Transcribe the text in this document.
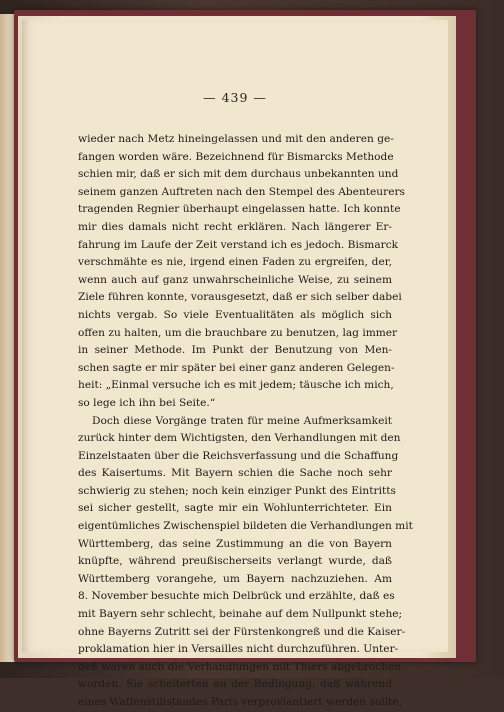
— 439 —
wieder nach Metz hineingelassen und mit den anderen ge-
fangen worden wäre. Bezeichnend für Bismarcks Methode
schien mir, daß er sich mit dem durchaus unbekannten und
seinem ganzen Auftreten nach den Stempel des Abenteurers
tragenden Regnier überhaupt eingelassen hatte. Ich konnte
mir dies damals nicht recht erklären. Nach längerer Er-
fahrung im Laufe der Zeit verstand ich es jedoch. Bismarck
verschmähte es nie, irgend einen Faden zu ergreifen, der,
wenn auch auf ganz unwahrscheinliche Weise, zu seinem
Ziele führen konnte, vorausgesetzt, daß er sich selber dabei
nichts vergab. So viele Eventualitäten als möglich sich
offen zu halten, um die brauchbare zu benutzen, lag immer
in seiner Methode. Im Punkt der Benutzung von Men-
schen sagte er mir später bei einer ganz anderen Gelegen-
heit: „Einmal versuche ich es mit jedem; täusche ich mich,
so lege ich ihn bei Seite.“
Doch diese Vorgänge traten für meine Aufmerksamkeit
zurück hinter dem Wichtigsten, den Verhandlungen mit den
Einzelstaaten über die Reichsverfassung und die Schaffung
des Kaisertums. Mit Bayern schien die Sache noch sehr
schwierig zu stehen; noch kein einziger Punkt des Eintritts
sei sicher gestellt, sagte mir ein Wohlunterrichteter. Ein
eigentümliches Zwischenspiel bildeten die Verhandlungen mit
Württemberg, das seine Zustimmung an die von Bayern
knüpfte, während preußischerseits verlangt wurde, daß
Württemberg vorangehe, um Bayern nachzuziehen. Am
8. November besuchte mich Delbrück und erzählte, daß es
mit Bayern sehr schlecht, beinahe auf dem Nullpunkt stehe;
ohne Bayerns Zutritt sei der Fürstenkongreß und die Kaiser-
proklamation hier in Versailles nicht durchzuführen. Unter-
deß waren auch die Verhandlungen mit Thiers abgebrochen
worden. Sie scheiterten an der Bedingung, daß während
eines Waffenstillstandes Paris verproviantiert werden sollte,
